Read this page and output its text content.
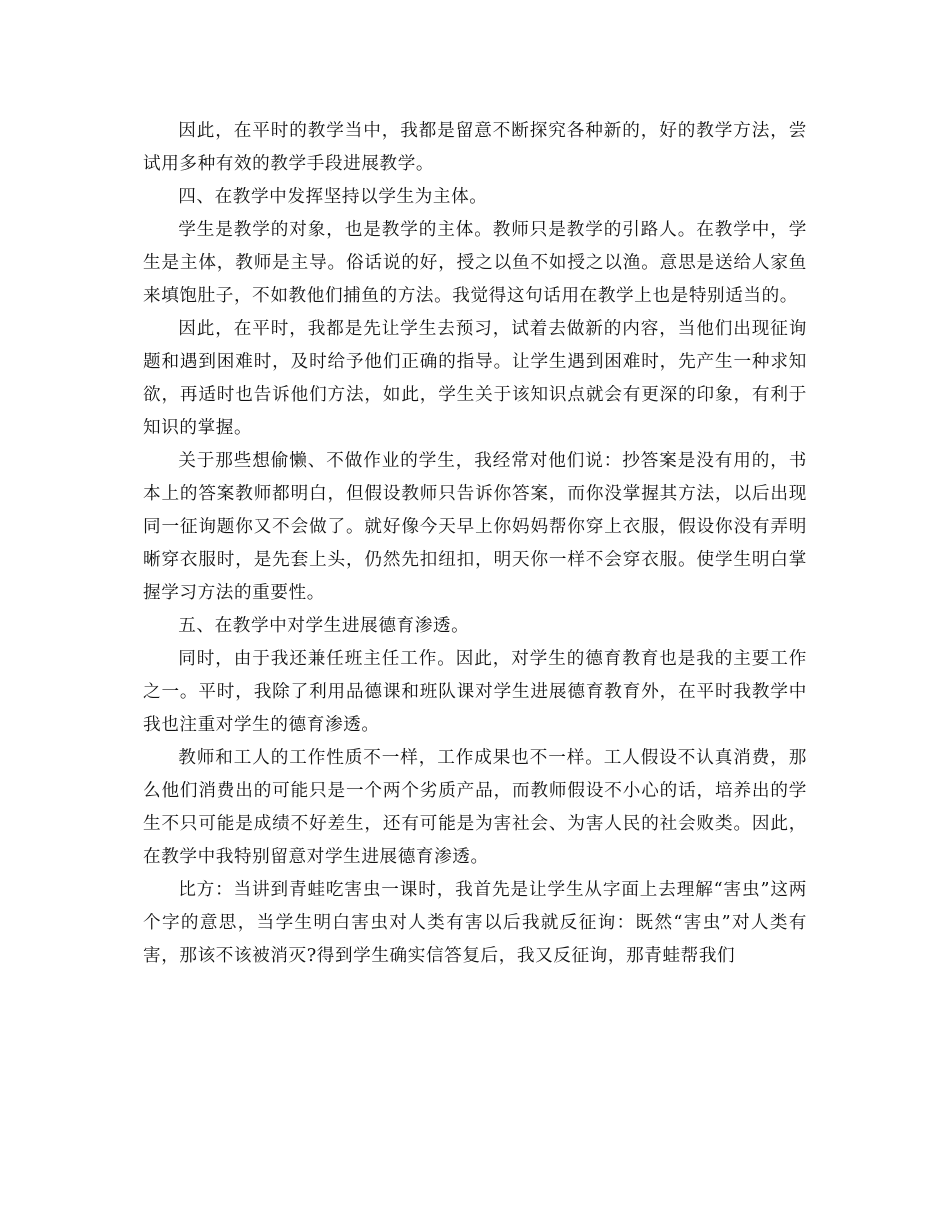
因此，在平时的教学当中，我都是留意不断探究各种新的，好的教学方法，尝试用多种有效的教学手段进展教学。

四、在教学中发挥坚持以学生为主体。

学生是教学的对象，也是教学的主体。教师只是教学的引路人。在教学中，学生是主体，教师是主导。俗话说的好，授之以鱼不如授之以渔。意思是送给人家鱼来填饱肚子，不如教他们捕鱼的方法。我觉得这句话用在教学上也是特别适当的。

因此，在平时，我都是先让学生去预习，试着去做新的内容，当他们出现征询题和遇到困难时，及时给予他们正确的指导。让学生遇到困难时，先产生一种求知欲，再适时也告诉他们方法，如此，学生关于该知识点就会有更深的印象，有利于知识的掌握。

关于那些想偷懒、不做作业的学生，我经常对他们说：抄答案是没有用的，书本上的答案教师都明白，但假设教师只告诉你答案，而你没掌握其方法，以后出现同一征询题你又不会做了。就好像今天早上你妈妈帮你穿上衣服，假设你没有弄明晰穿衣服时，是先套上头，仍然先扣纽扣，明天你一样不会穿衣服。使学生明白掌握学习方法的重要性。

五、在教学中对学生进展德育渗透。

同时，由于我还兼任班主任工作。因此，对学生的德育教育也是我的主要工作之一。平时，我除了利用品德课和班队课对学生进展德育教育外，在平时我教学中我也注重对学生的德育渗透。

教师和工人的工作性质不一样，工作成果也不一样。工人假设不认真消费，那么他们消费出的可能只是一个两个劣质产品，而教师假设不小心的话，培养出的学生不只可能是成绩不好差生，还有可能是为害社会、为害人民的社会败类。因此，在教学中我特别留意对学生进展德育渗透。

比方：当讲到青蛙吃害虫一课时，我首先是让学生从字面上去理解“害虫”这两个字的意思，当学生明白害虫对人类有害以后我就反征询：既然“害虫”对人类有害，那该不该被消灭?得到学生确实信答复后，我又反征询，那青蛙帮我们
